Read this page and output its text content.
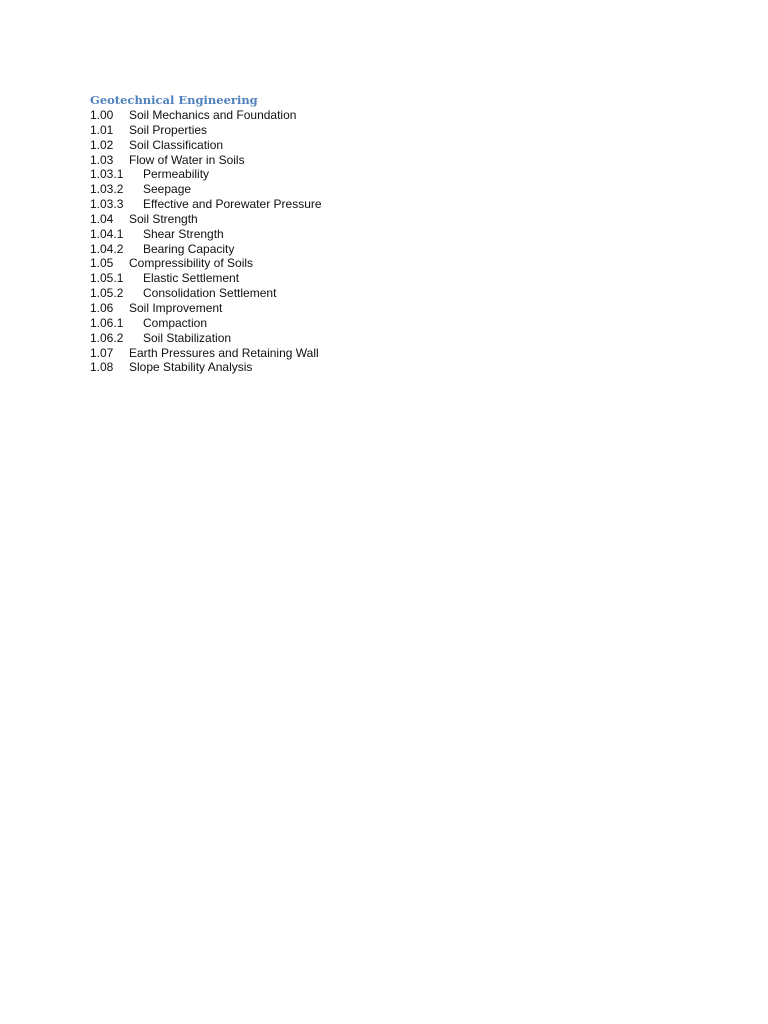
Geotechnical Engineering
1.00 Soil Mechanics and Foundation
1.01 Soil Properties
1.02 Soil Classification
1.03 Flow of Water in Soils
1.03.1 Permeability
1.03.2 Seepage
1.03.3 Effective and Porewater Pressure
1.04 Soil Strength
1.04.1 Shear Strength
1.04.2 Bearing Capacity
1.05 Compressibility of Soils
1.05.1 Elastic Settlement
1.05.2 Consolidation Settlement
1.06 Soil Improvement
1.06.1 Compaction
1.06.2 Soil Stabilization
1.07 Earth Pressures and Retaining Wall
1.08 Slope Stability Analysis
